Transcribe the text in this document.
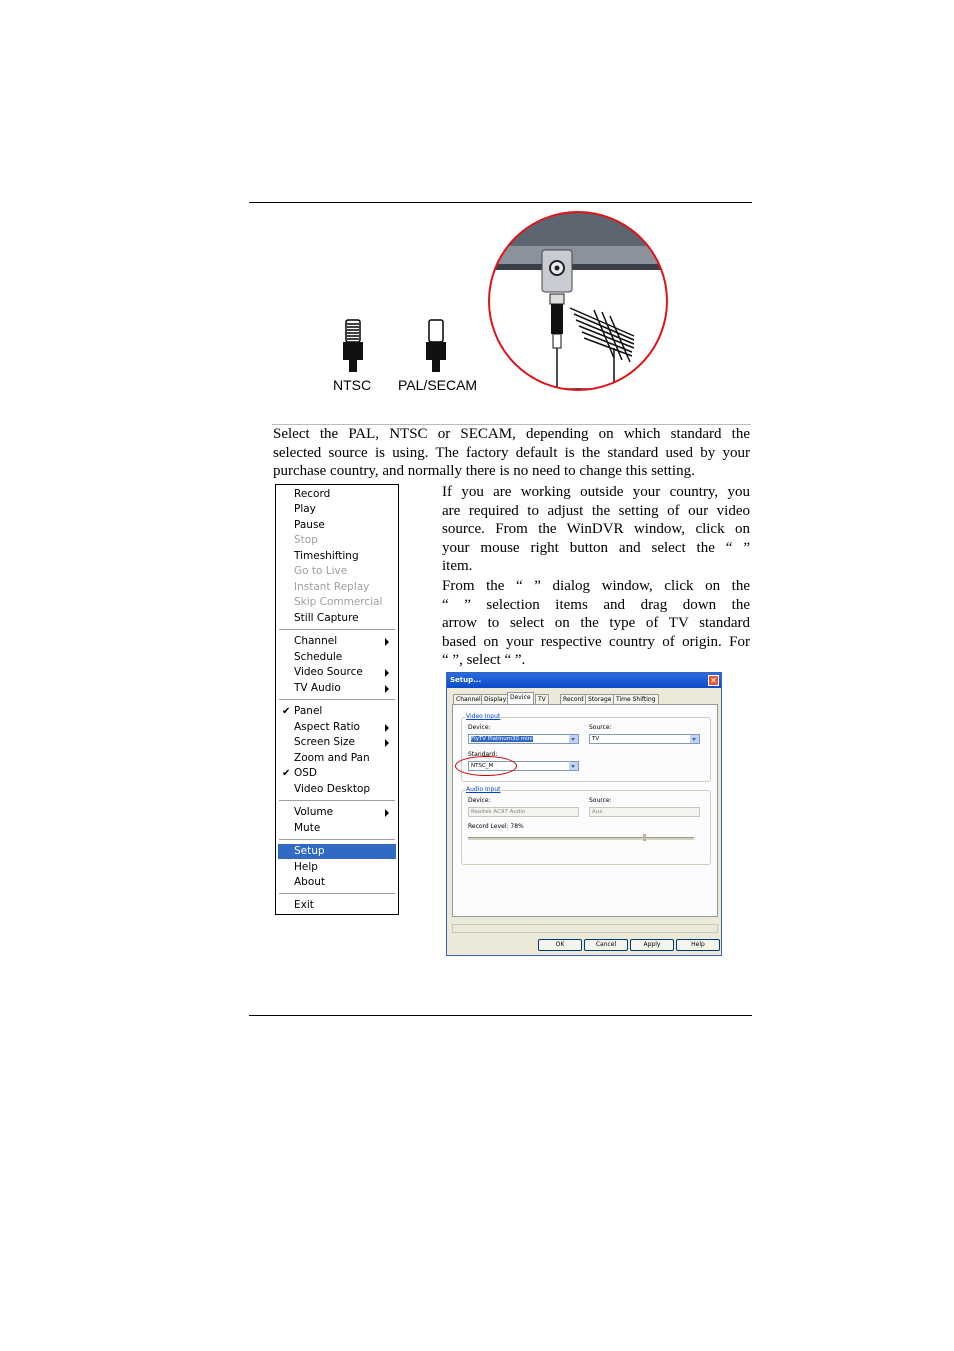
NTSC PAL/SECAM
Select the PAL, NTSC or SECAM, depending on which standard the
selected source is using. The factory default is the standard used by your
purchase country, and normally there is no need to change this setting.
If you are working outside your country, you
are required to adjust the setting of our video
source. From the WinDVR window, click on
your mouse right button and select the “ ”
item.
From the “ ” dialog window, click on the
“ ” selection items and drag down the
arrow to select on the type of TV standard
based on your respective country of origin. For
“ ”, select “ ”.
Record
Play
Pause
Stop
Timeshifting
Go to Live
Instant Replay
Skip Commercial
Still Capture
Channel
Schedule
Video Source
TV Audio
✔ Panel
Aspect Ratio
Screen Size
Zoom and Pan
✔ OSD
Video Desktop
Volume
Mute
Setup
Help
About
Exit
Setup...	✕
Channel Display Device	TV	Record Storage Time Shifting
Video Input
Device:
FlyTV Platinum30 mini
Source:
TV
Standard:
NTSC_M
Audio Input
Device:
Realtek AC97 Audio
Source:
Aux
Record Level: 78%
OK	Cancel	Apply	Help
